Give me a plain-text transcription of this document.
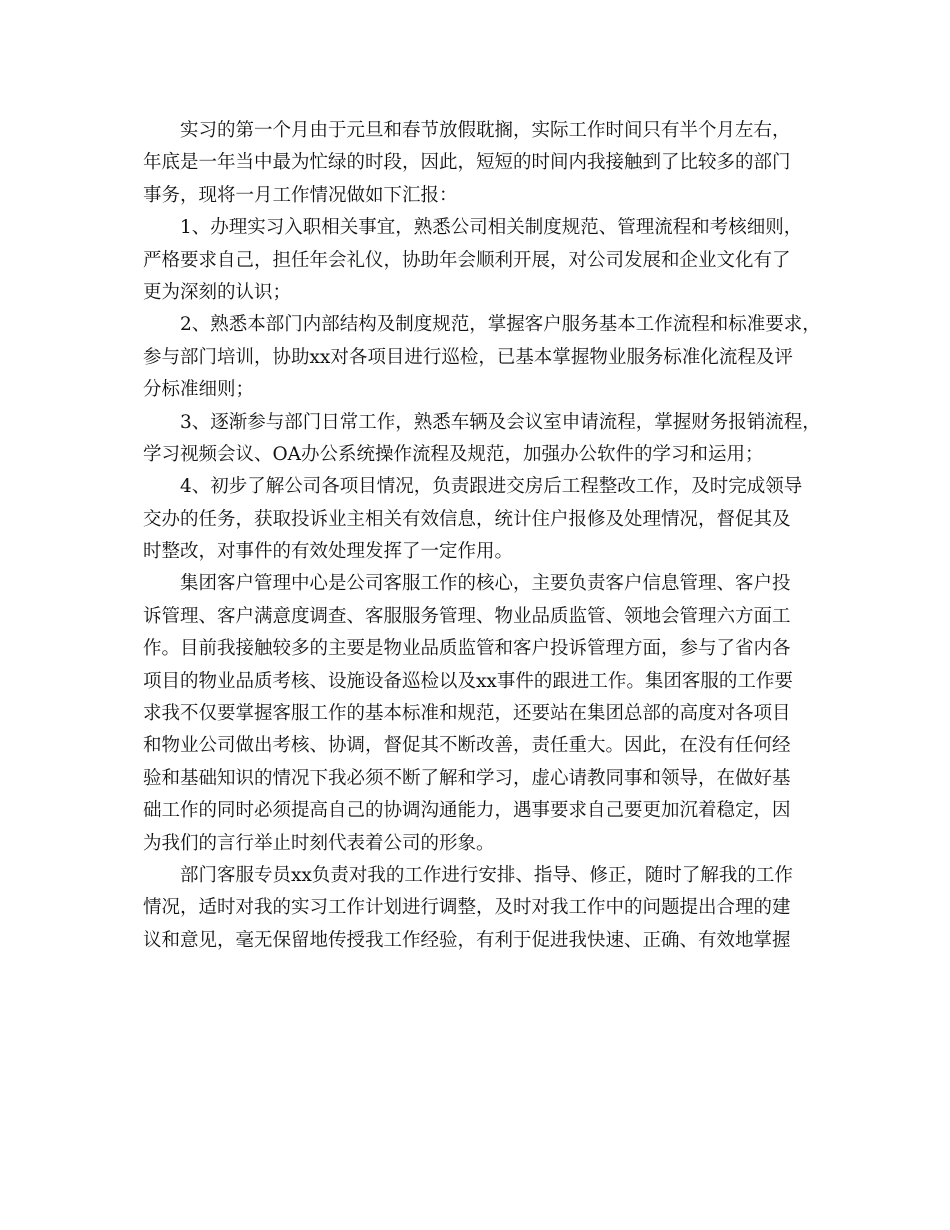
实习的第一个月由于元旦和春节放假耽搁，实际工作时间只有半个月左右，
年底是一年当中最为忙绿的时段，因此，短短的时间内我接触到了比较多的部门
事务，现将一月工作情况做如下汇报：
1、办理实习入职相关事宜，熟悉公司相关制度规范、管理流程和考核细则，
严格要求自己，担任年会礼仪，协助年会顺利开展，对公司发展和企业文化有了
更为深刻的认识；
2、熟悉本部门内部结构及制度规范，掌握客户服务基本工作流程和标准要求，
参与部门培训，协助xx对各项目进行巡检，已基本掌握物业服务标准化流程及评
分标准细则；
3、逐渐参与部门日常工作，熟悉车辆及会议室申请流程，掌握财务报销流程，
学习视频会议、OA办公系统操作流程及规范，加强办公软件的学习和运用；
4、初步了解公司各项目情况，负责跟进交房后工程整改工作，及时完成领导
交办的任务，获取投诉业主相关有效信息，统计住户报修及处理情况，督促其及
时整改，对事件的有效处理发挥了一定作用。
集团客户管理中心是公司客服工作的核心，主要负责客户信息管理、客户投
诉管理、客户满意度调查、客服服务管理、物业品质监管、领地会管理六方面工
作。目前我接触较多的主要是物业品质监管和客户投诉管理方面，参与了省内各
项目的物业品质考核、设施设备巡检以及xx事件的跟进工作。集团客服的工作要
求我不仅要掌握客服工作的基本标准和规范，还要站在集团总部的高度对各项目
和物业公司做出考核、协调，督促其不断改善，责任重大。因此，在没有任何经
验和基础知识的情况下我必须不断了解和学习，虚心请教同事和领导，在做好基
础工作的同时必须提高自己的协调沟通能力，遇事要求自己要更加沉着稳定，因
为我们的言行举止时刻代表着公司的形象。
部门客服专员xx负责对我的工作进行安排、指导、修正，随时了解我的工作
情况，适时对我的实习工作计划进行调整，及时对我工作中的问题提出合理的建
议和意见，毫无保留地传授我工作经验，有利于促进我快速、正确、有效地掌握
